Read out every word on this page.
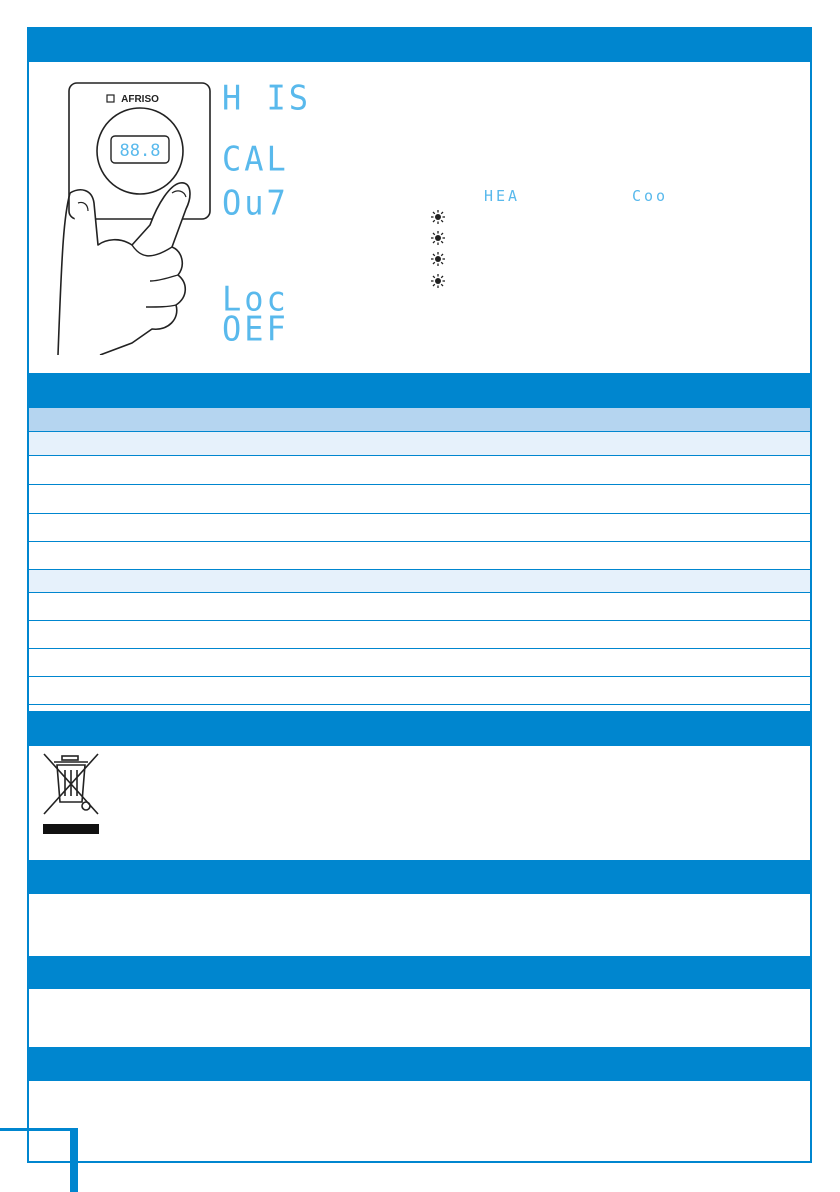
AFRISO
88.8
H IS
CAL
Ou7
Loc
OEF
HEA	Coo
